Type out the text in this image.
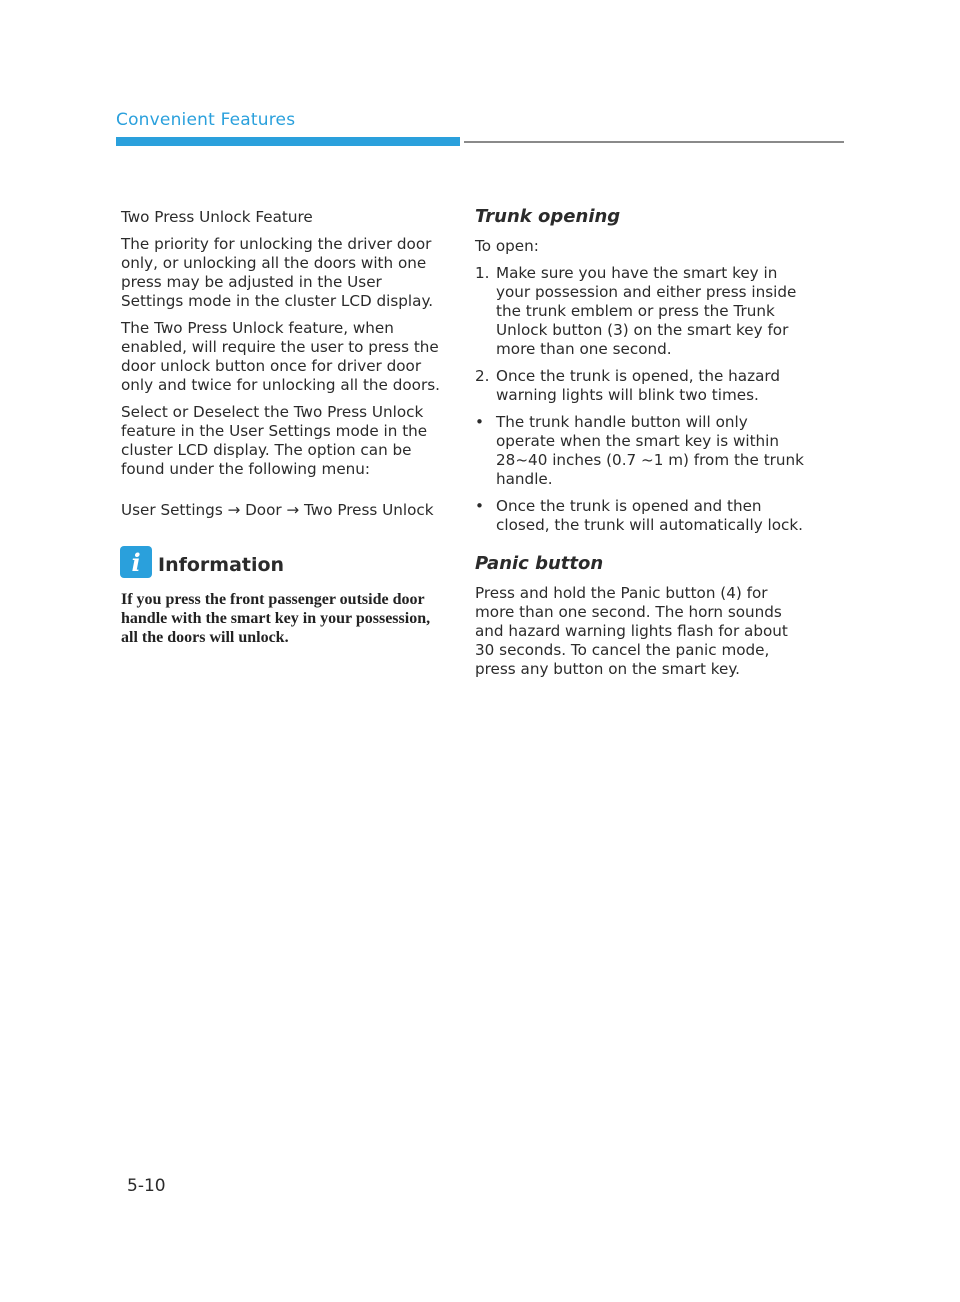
Convenient Features

Two Press Unlock Feature

The priority for unlocking the driver door only, or unlocking all the doors with one press may be adjusted in the User Settings mode in the cluster LCD display.

The Two Press Unlock feature, when enabled, will require the user to press the door unlock button once for driver door only and twice for unlocking all the doors.

Select or Deselect the Two Press Unlock feature in the User Settings mode in the cluster LCD display. The option can be found under the following menu:

User Settings → Door → Two Press Unlock

i Information
If you press the front passenger outside door handle with the smart key in your possession, all the doors will unlock.
Trunk opening

To open:

1. Make sure you have the smart key in your possession and either press inside the trunk emblem or press the Trunk Unlock button (3) on the smart key for more than one second.
2. Once the trunk is opened, the hazard warning lights will blink two times.
• The trunk handle button will only operate when the smart key is within 28~40 inches (0.7 ~1 m) from the trunk handle.
• Once the trunk is opened and then closed, the trunk will automatically lock.
Panic button

Press and hold the Panic button (4) for more than one second. The horn sounds and hazard warning lights flash for about 30 seconds. To cancel the panic mode, press any button on the smart key.

5-10
